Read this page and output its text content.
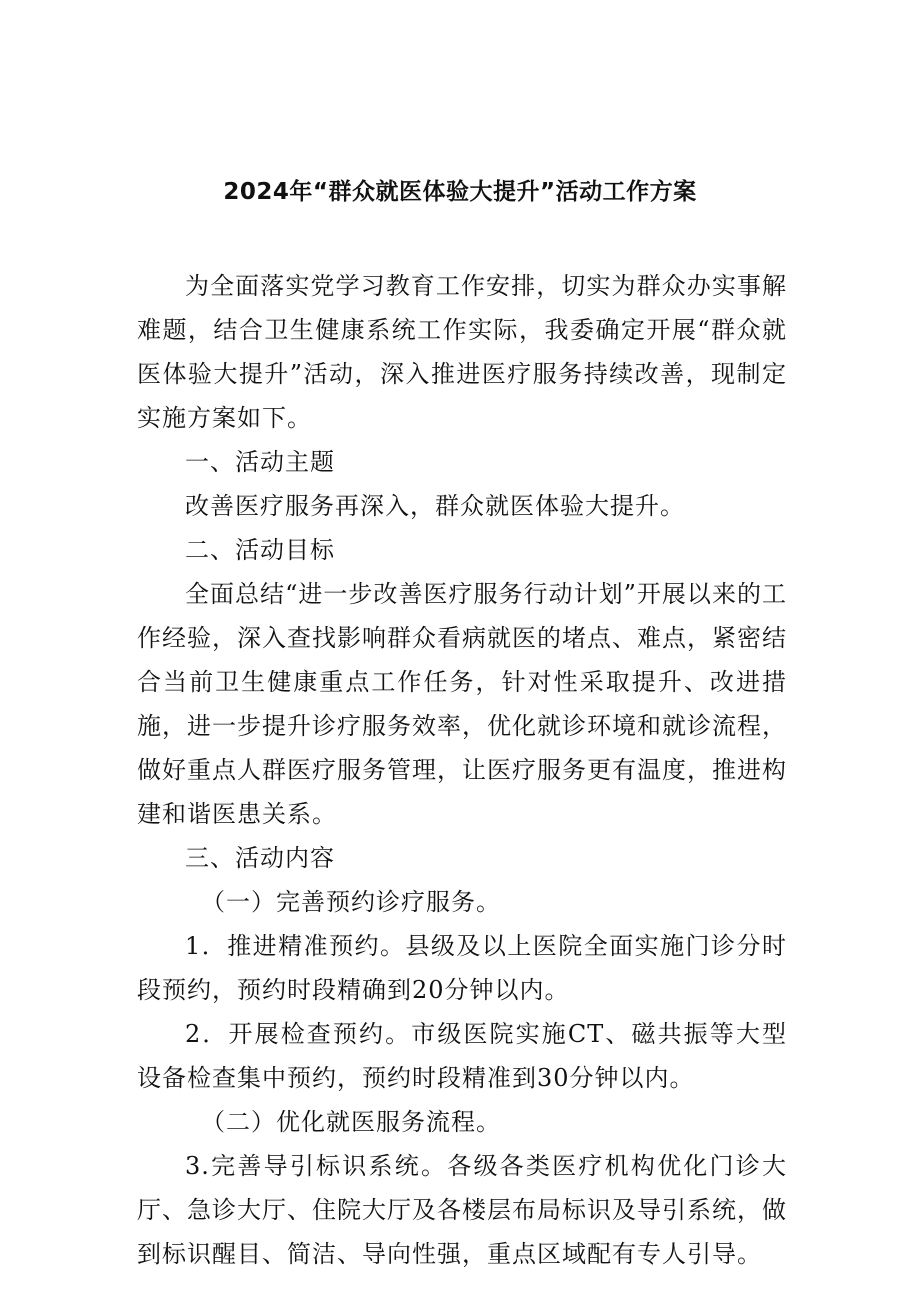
2024年“群众就医体验大提升”活动工作方案

为全面落实党学习教育工作安排，切实为群众办实事解难题，结合卫生健康系统工作实际，我委确定开展“群众就医体验大提升”活动，深入推进医疗服务持续改善，现制定实施方案如下。

一、活动主题

改善医疗服务再深入，群众就医体验大提升。

二、活动目标

全面总结“进一步改善医疗服务行动计划”开展以来的工作经验，深入查找影响群众看病就医的堵点、难点，紧密结合当前卫生健康重点工作任务，针对性采取提升、改进措施，进一步提升诊疗服务效率，优化就诊环境和就诊流程，做好重点人群医疗服务管理，让医疗服务更有温度，推进构建和谐医患关系。

三、活动内容

（一）完善预约诊疗服务。

1．推进精准预约。县级及以上医院全面实施门诊分时段预约，预约时段精确到20分钟以内。

2．开展检查预约。市级医院实施CT、磁共振等大型设备检查集中预约，预约时段精准到30分钟以内。

（二）优化就医服务流程。

3.完善导引标识系统。各级各类医疗机构优化门诊大厅、急诊大厅、住院大厅及各楼层布局标识及导引系统，做到标识醒目、简洁、导向性强，重点区域配有专人引导。
